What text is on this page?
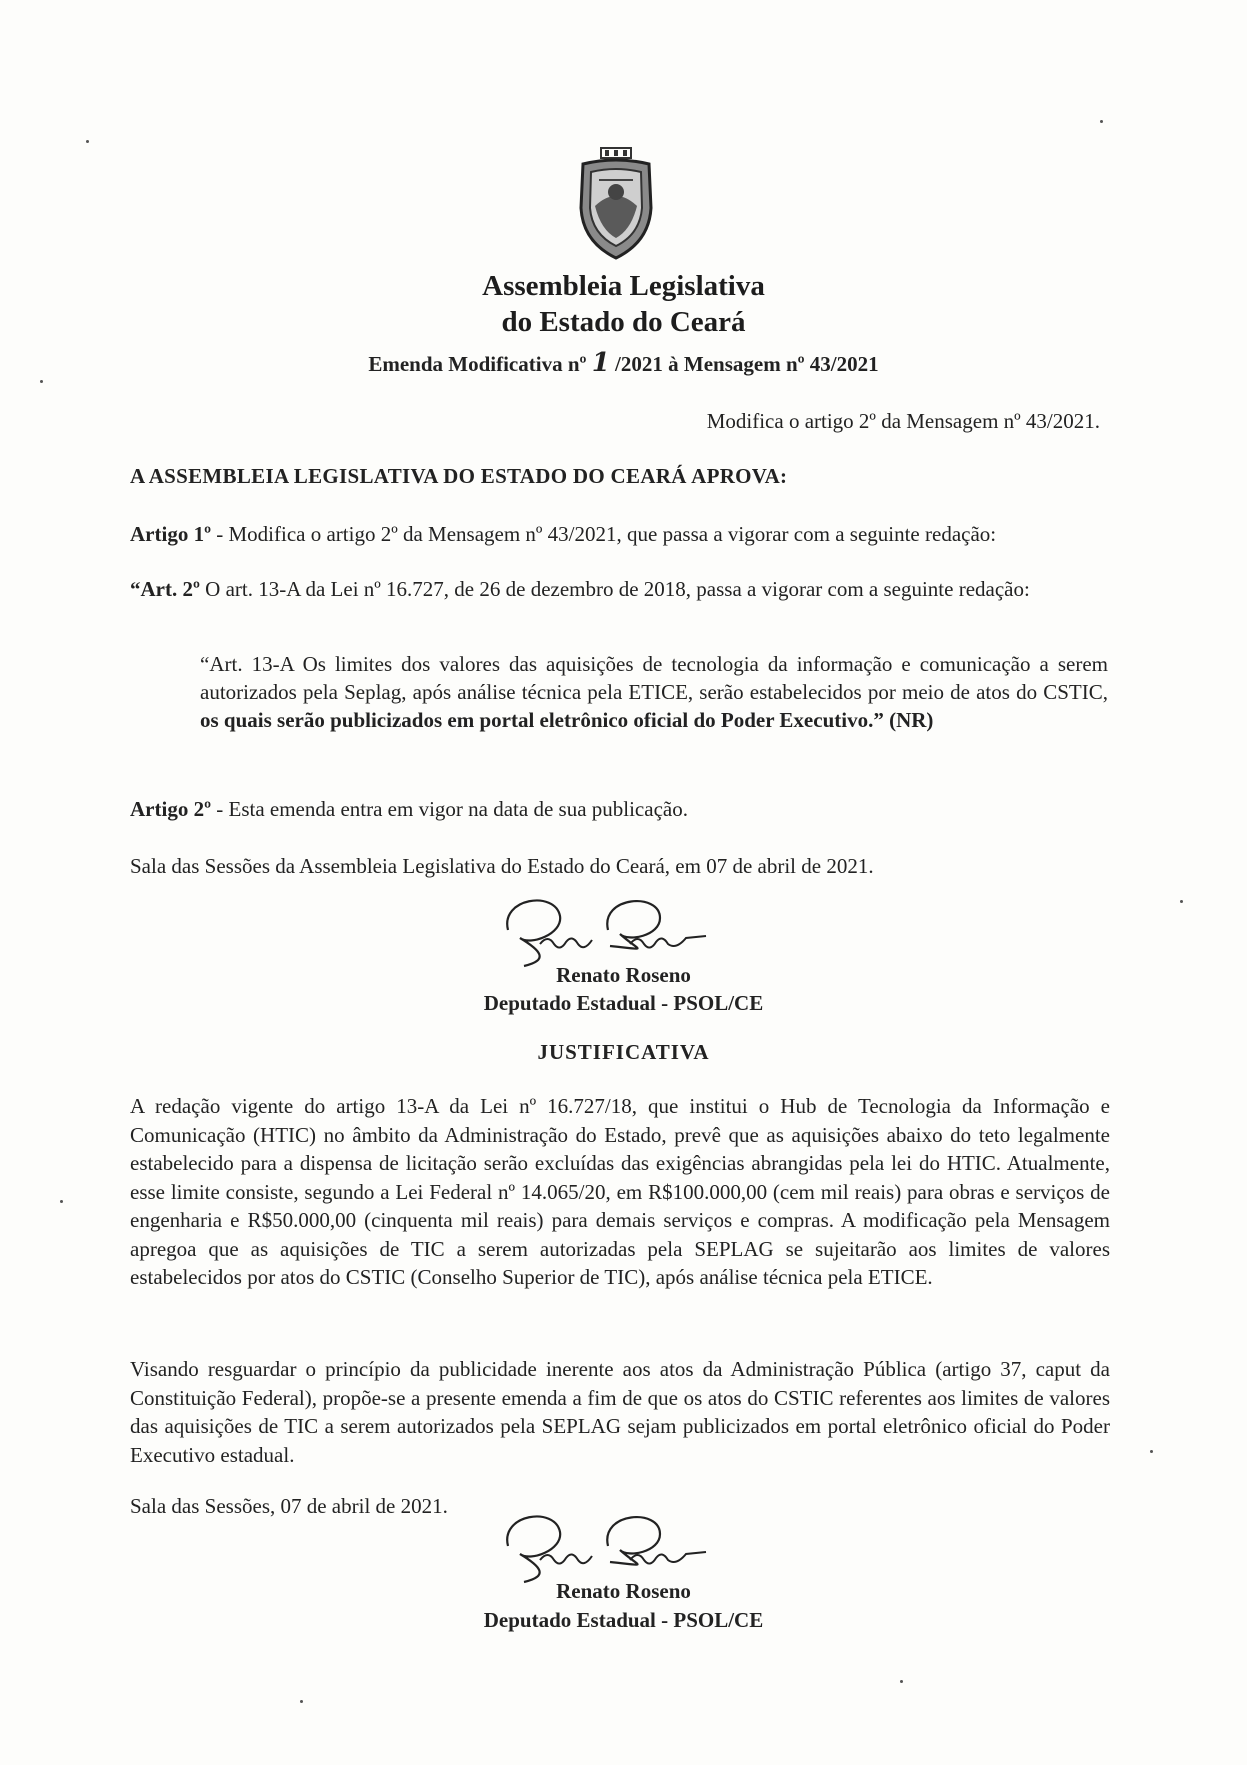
Assembleia Legislativa
do Estado do Ceará
Emenda Modificativa nº 1 /2021 à Mensagem nº 43/2021
Modifica o artigo 2º da Mensagem nº 43/2021.
A ASSEMBLEIA LEGISLATIVA DO ESTADO DO CEARÁ APROVA:
Artigo 1º - Modifica o artigo 2º da Mensagem nº 43/2021, que passa a vigorar com a seguinte redação:
“Art. 2º O art. 13-A da Lei nº 16.727, de 26 de dezembro de 2018, passa a vigorar com a seguinte redação:
“Art. 13-A Os limites dos valores das aquisições de tecnologia da informação e comunicação a serem autorizados pela Seplag, após análise técnica pela ETICE, serão estabelecidos por meio de atos do CSTIC, os quais serão publicizados em portal eletrônico oficial do Poder Executivo.” (NR)
Artigo 2º - Esta emenda entra em vigor na data de sua publicação.
Sala das Sessões da Assembleia Legislativa do Estado do Ceará, em 07 de abril de 2021.
Renato Roseno
Deputado Estadual - PSOL/CE
JUSTIFICATIVA
A redação vigente do artigo 13-A da Lei nº 16.727/18, que institui o Hub de Tecnologia da Informação e Comunicação (HTIC) no âmbito da Administração do Estado, prevê que as aquisições abaixo do teto legalmente estabelecido para a dispensa de licitação serão excluídas das exigências abrangidas pela lei do HTIC. Atualmente, esse limite consiste, segundo a Lei Federal nº 14.065/20, em R$100.000,00 (cem mil reais) para obras e serviços de engenharia e R$50.000,00 (cinquenta mil reais) para demais serviços e compras. A modificação pela Mensagem apregoa que as aquisições de TIC a serem autorizadas pela SEPLAG se sujeitarão aos limites de valores estabelecidos por atos do CSTIC (Conselho Superior de TIC), após análise técnica pela ETICE.
Visando resguardar o princípio da publicidade inerente aos atos da Administração Pública (artigo 37, caput da Constituição Federal), propõe-se a presente emenda a fim de que os atos do CSTIC referentes aos limites de valores das aquisições de TIC a serem autorizados pela SEPLAG sejam publicizados em portal eletrônico oficial do Poder Executivo estadual.
Sala das Sessões, 07 de abril de 2021.
Renato Roseno
Deputado Estadual - PSOL/CE
